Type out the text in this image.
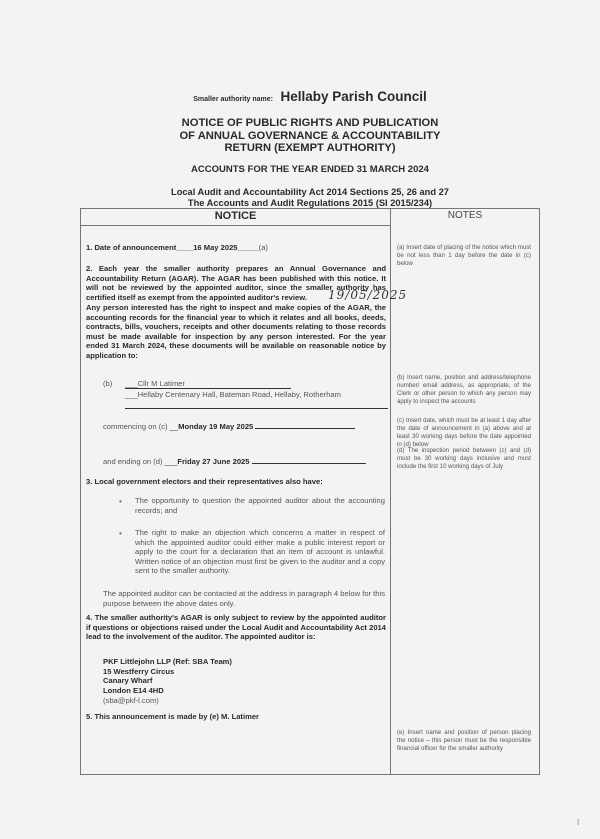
Smaller authority name: Hellaby Parish Council
NOTICE OF PUBLIC RIGHTS AND PUBLICATION
OF ANNUAL GOVERNANCE & ACCOUNTABILITY
RETURN (EXEMPT AUTHORITY)
ACCOUNTS FOR THE YEAR ENDED 31 MARCH 2024
Local Audit and Accountability Act 2014 Sections 25, 26 and 27
The Accounts and Audit Regulations 2015 (SI 2015/234)
NOTICE	NOTES
1. Date of announcement____16 May 2025_____(a)
2. Each year the smaller authority prepares an Annual Governance and Accountability Return (AGAR). The AGAR has been published with this notice. It will not be reviewed by the appointed auditor, since the smaller authority has certified itself as exempt from the appointed auditor's review.
Any person interested has the right to inspect and make copies of the AGAR, the accounting records for the financial year to which it relates and all books, deeds, contracts, bills, vouchers, receipts and other documents relating to those records must be made available for inspection by any person interested. For the year ended 31 March 2024, these documents will be available on reasonable notice by application to:
(b) ___Cllr M Latimer
___Hellaby Centenary Hall, Bateman Road, Hellaby, Rotherham
commencing on (c) __Monday 19 May 2025
and ending on (d) ___Friday 27 June 2025
3. Local government electors and their representatives also have:
• The opportunity to question the appointed auditor about the accounting records; and
• The right to make an objection which concerns a matter in respect of which the appointed auditor could either make a public interest report or apply to the court for a declaration that an item of account is unlawful. Written notice of an objection must first be given to the auditor and a copy sent to the smaller authority.
The appointed auditor can be contacted at the address in paragraph 4 below for this purpose between the above dates only.
4. The smaller authority's AGAR is only subject to review by the appointed auditor if questions or objections raised under the Local Audit and Accountability Act 2014 lead to the involvement of the auditor. The appointed auditor is:
PKF Littlejohn LLP (Ref: SBA Team)
15 Westferry Circus
Canary Wharf
London E14 4HD
(sba@pkf-l.com)
5. This announcement is made by (e) M. Latimer
(a) Insert date of placing of the notice which must be not less than 1 day before the date in (c) below
(b) Insert name, position and address/telephone number/ email address, as appropriate, of the Clerk or other person to which any person may apply to inspect the accounts
(c) Insert date, which must be at least 1 day after the date of announcement in (a) above and at least 30 working days before the date appointed in (d) below
(d) The inspection period between (c) and (d) must be 30 working days inclusive and must include the first 10 working days of July
(e) Insert name and position of person placing the notice – this person must be the responsible financial officer for the smaller authority
19/05/2025
I
